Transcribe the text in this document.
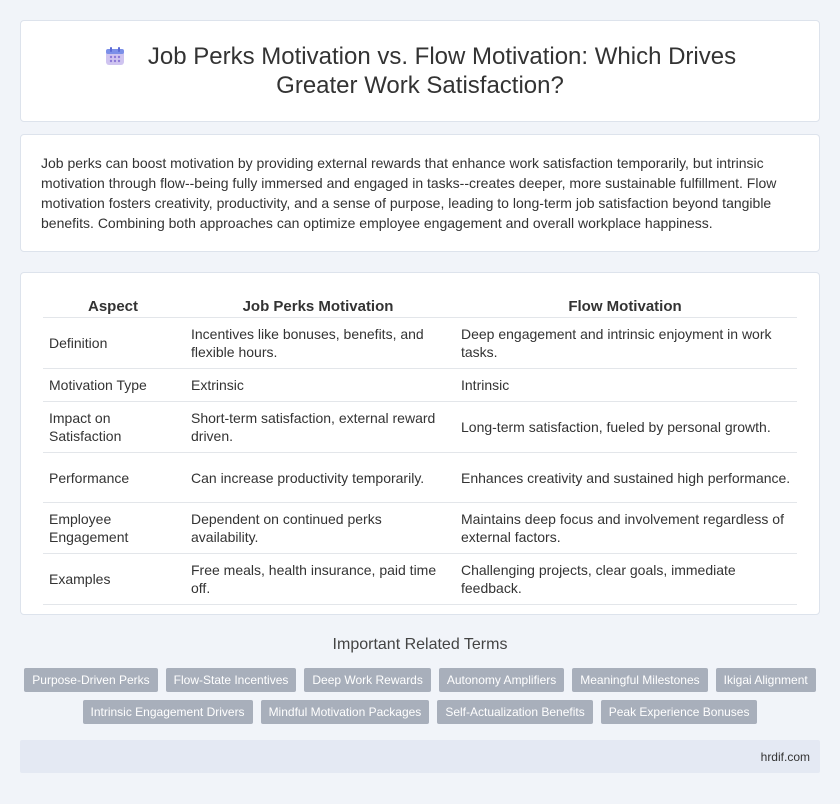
Job Perks Motivation vs. Flow Motivation: Which Drives Greater Work Satisfaction?

Job perks can boost motivation by providing external rewards that enhance work satisfaction temporarily, but intrinsic motivation through flow--being fully immersed and engaged in tasks--creates deeper, more sustainable fulfillment. Flow motivation fosters creativity, productivity, and a sense of purpose, leading to long-term job satisfaction beyond tangible benefits. Combining both approaches can optimize employee engagement and overall workplace happiness.

Aspect	Job Perks Motivation	Flow Motivation
Definition	Incentives like bonuses, benefits, and flexible hours.	Deep engagement and intrinsic enjoyment in work tasks.
Motivation Type	Extrinsic	Intrinsic
Impact on Satisfaction	Short-term satisfaction, external reward driven.	Long-term satisfaction, fueled by personal growth.
Performance	Can increase productivity temporarily.	Enhances creativity and sustained high performance.
Employee Engagement	Dependent on continued perks availability.	Maintains deep focus and involvement regardless of external factors.
Examples	Free meals, health insurance, paid time off.	Challenging projects, clear goals, immediate feedback.
Important Related Terms
Purpose-Driven Perks	Flow-State Incentives	Deep Work Rewards	Autonomy Amplifiers	Meaningful Milestones	Ikigai Alignment
Intrinsic Engagement Drivers	Mindful Motivation Packages	Self-Actualization Benefits	Peak Experience Bonuses
hrdif.com
